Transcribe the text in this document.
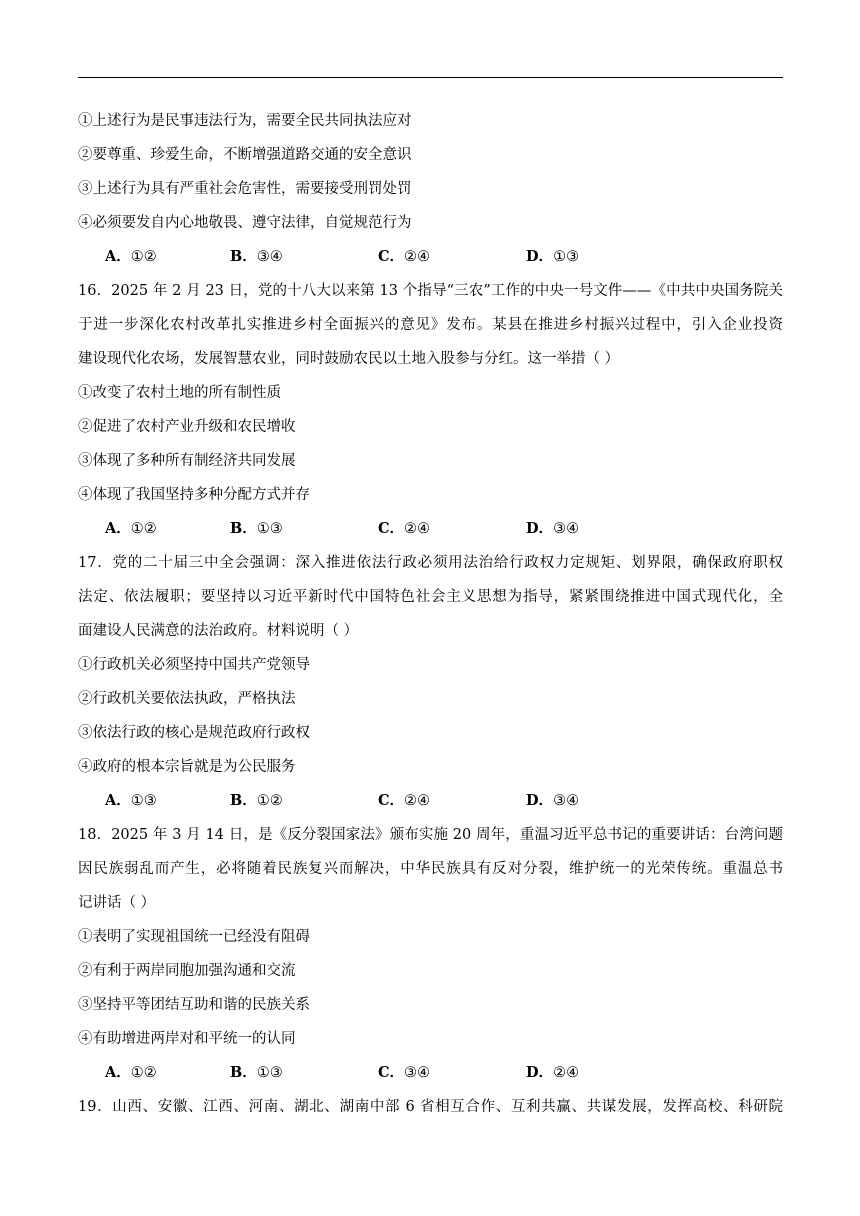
①上述行为是民事违法行为，需要全民共同执法应对
②要尊重、珍爱生命，不断增强道路交通的安全意识
③上述行为具有严重社会危害性，需要接受刑罚处罚
④必须要发自内心地敬畏、遵守法律，自觉规范行为
A．①②	B．③④	C．②④	D．①③
16．2025 年 2 月 23 日，党的十八大以来第 13 个指导“三农”工作的中央一号文件——《中共中央国务院关
于进一步深化农村改革扎实推进乡村全面振兴的意见》发布。某县在推进乡村振兴过程中，引入企业投资
建设现代化农场，发展智慧农业，同时鼓励农民以土地入股参与分红。这一举措（ ）
①改变了农村土地的所有制性质
②促进了农村产业升级和农民增收
③体现了多种所有制经济共同发展
④体现了我国坚持多种分配方式并存
A．①②	B．①③	C．②④	D．③④
17．党的二十届三中全会强调：深入推进依法行政必须用法治给行政权力定规矩、划界限，确保政府职权
法定、依法履职；要坚持以习近平新时代中国特色社会主义思想为指导，紧紧围绕推进中国式现代化，全
面建设人民满意的法治政府。材料说明（ ）
①行政机关必须坚持中国共产党领导
②行政机关要依法执政，严格执法
③依法行政的核心是规范政府行政权
④政府的根本宗旨就是为公民服务
A．①③	B．①②	C．②④	D．③④
18．2025 年 3 月 14 日，是《反分裂国家法》颁布实施 20 周年，重温习近平总书记的重要讲话：台湾问题
因民族弱乱而产生，必将随着民族复兴而解决，中华民族具有反对分裂，维护统一的光荣传统。重温总书
记讲话（ ）
①表明了实现祖国统一已经没有阻碍
②有利于两岸同胞加强沟通和交流
③坚持平等团结互助和谐的民族关系
④有助增进两岸对和平统一的认同
A．①②	B．①③	C．③④	D．②④
19．山西、安徽、江西、河南、湖北、湖南中部 6 省相互合作、互利共赢、共谋发展，发挥高校、科研院
